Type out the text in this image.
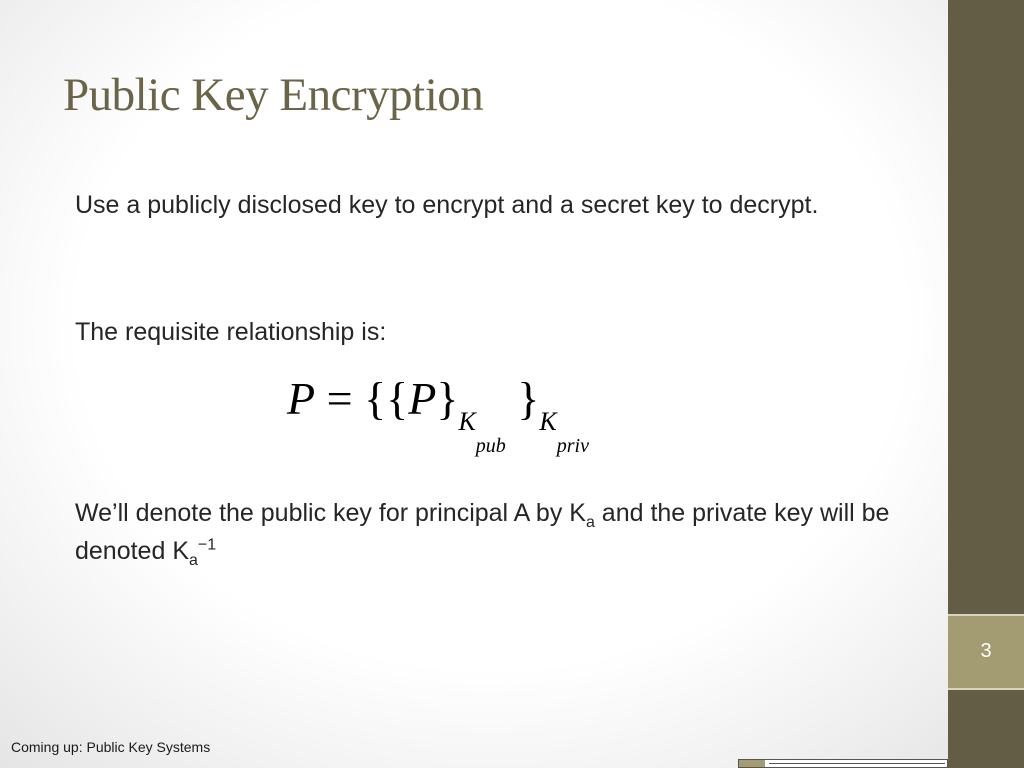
3
Public Key Encryption

Use a publicly disclosed key to encrypt and a secret key to decrypt.

The requisite relationship is:

$P = \{\{P\}_{K_{pub}}$ }$_{K_{priv}}$

We’ll denote the public key for principal A by $K_a$ and the private key will be denoted $K_a^{-1}$

Coming up: Public Key Systems
